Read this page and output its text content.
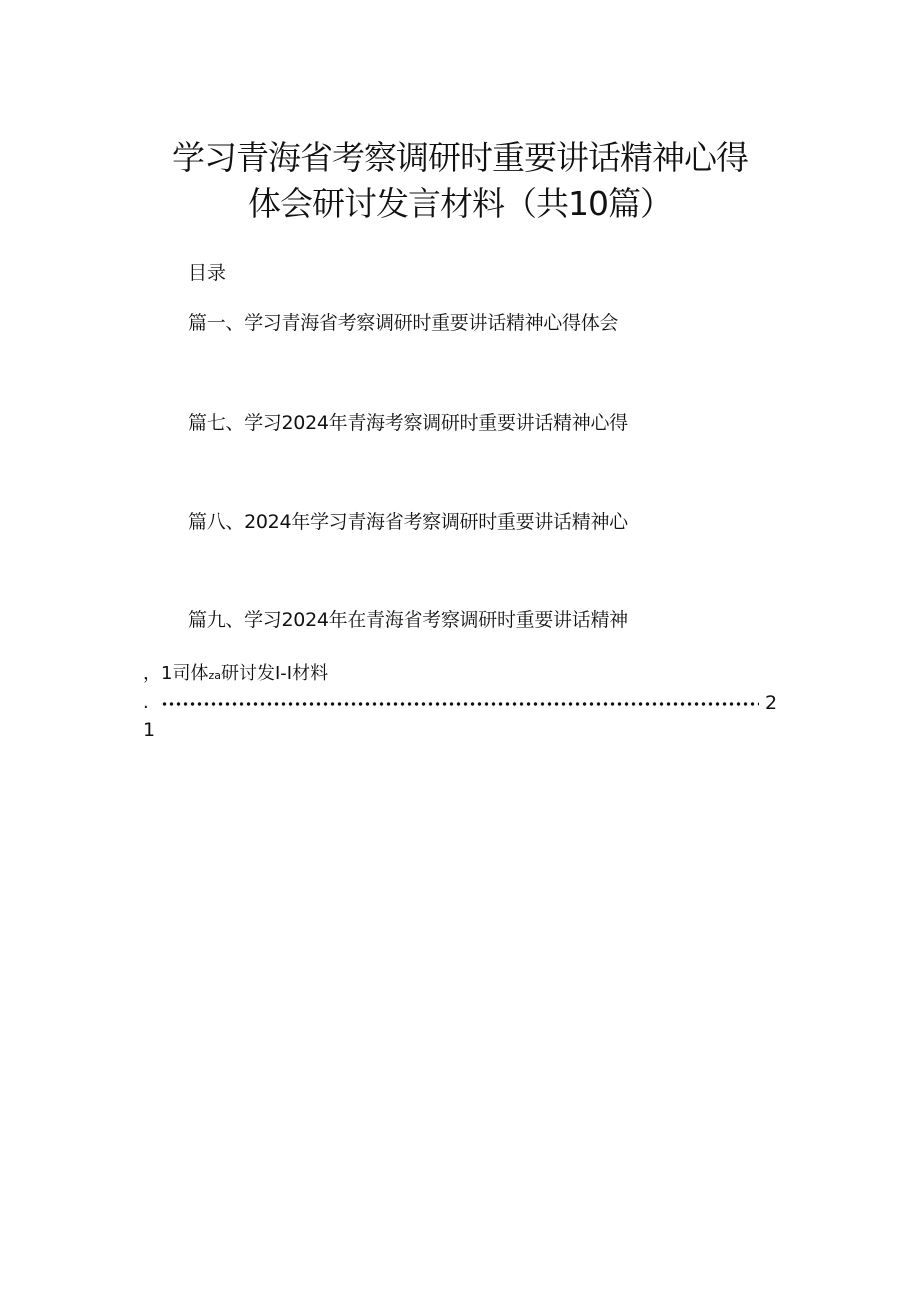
学习青海省考察调研时重要讲话精神心得
体会研讨发言材料（共10篇）
目录
篇一、学习青海省考察调研时重要讲话精神心得体会
篇七、学习2024年青海考察调研时重要讲话精神心得
篇八、2024年学习青海省考察调研时重要讲话精神心
篇九、学习2024年在青海省考察调研时重要讲话精神
，1司体za研讨发I-I材料
.	2
1
